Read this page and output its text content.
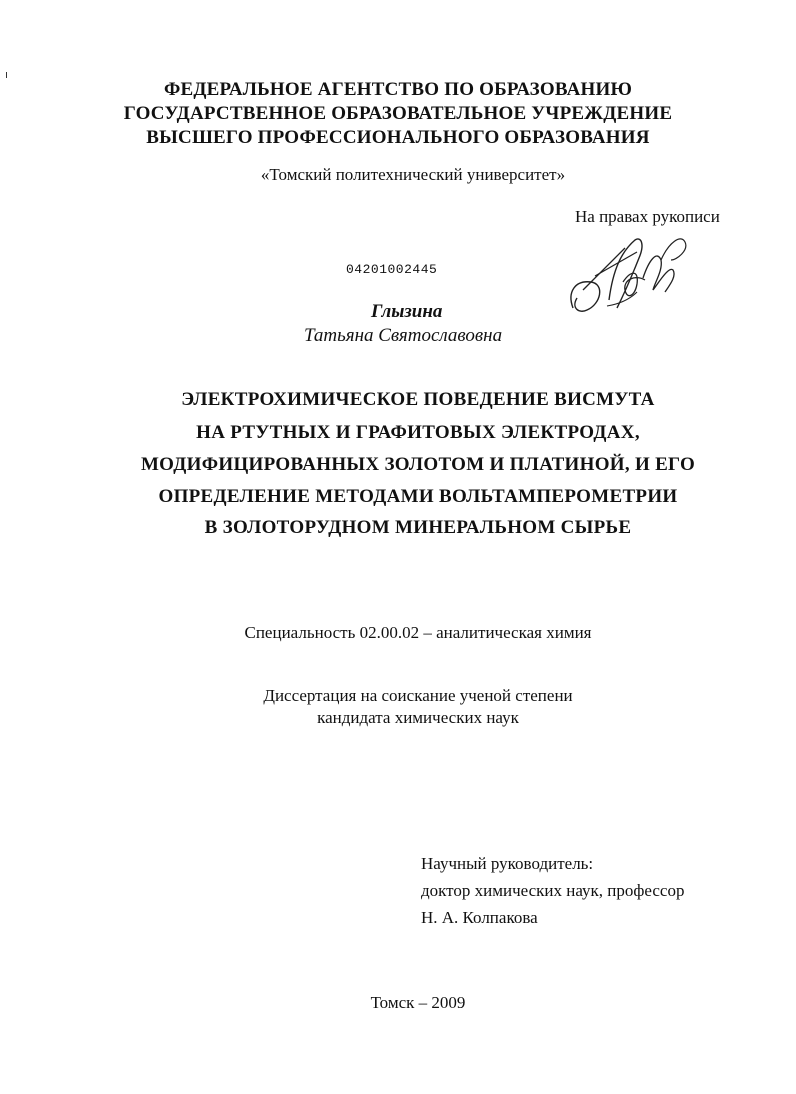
ФЕДЕРАЛЬНОЕ АГЕНТСТВО ПО ОБРАЗОВАНИЮ
ГОСУДАРСТВЕННОЕ ОБРАЗОВАТЕЛЬНОЕ УЧРЕЖДЕНИЕ
ВЫСШЕГО ПРОФЕССИОНАЛЬНОГО ОБРАЗОВАНИЯ
«Томский политехнический университет»
На правах рукописи
04201002445
Глызина
Татьяна Святославовна
ЭЛЕКТРОХИМИЧЕСКОЕ ПОВЕДЕНИЕ ВИСМУТА
НА РТУТНЫХ И ГРАФИТОВЫХ ЭЛЕКТРОДАХ,
МОДИФИЦИРОВАННЫХ ЗОЛОТОМ И ПЛАТИНОЙ, И ЕГО
ОПРЕДЕЛЕНИЕ МЕТОДАМИ ВОЛЬТАМПЕРОМЕТРИИ
В ЗОЛОТОРУДНОМ МИНЕРАЛЬНОМ СЫРЬЕ
Специальность 02.00.02 – аналитическая химия
Диссертация на соискание ученой степени
кандидата химических наук
Научный руководитель:
доктор химических наук, профессор
Н. А. Колпакова
Томск – 2009
